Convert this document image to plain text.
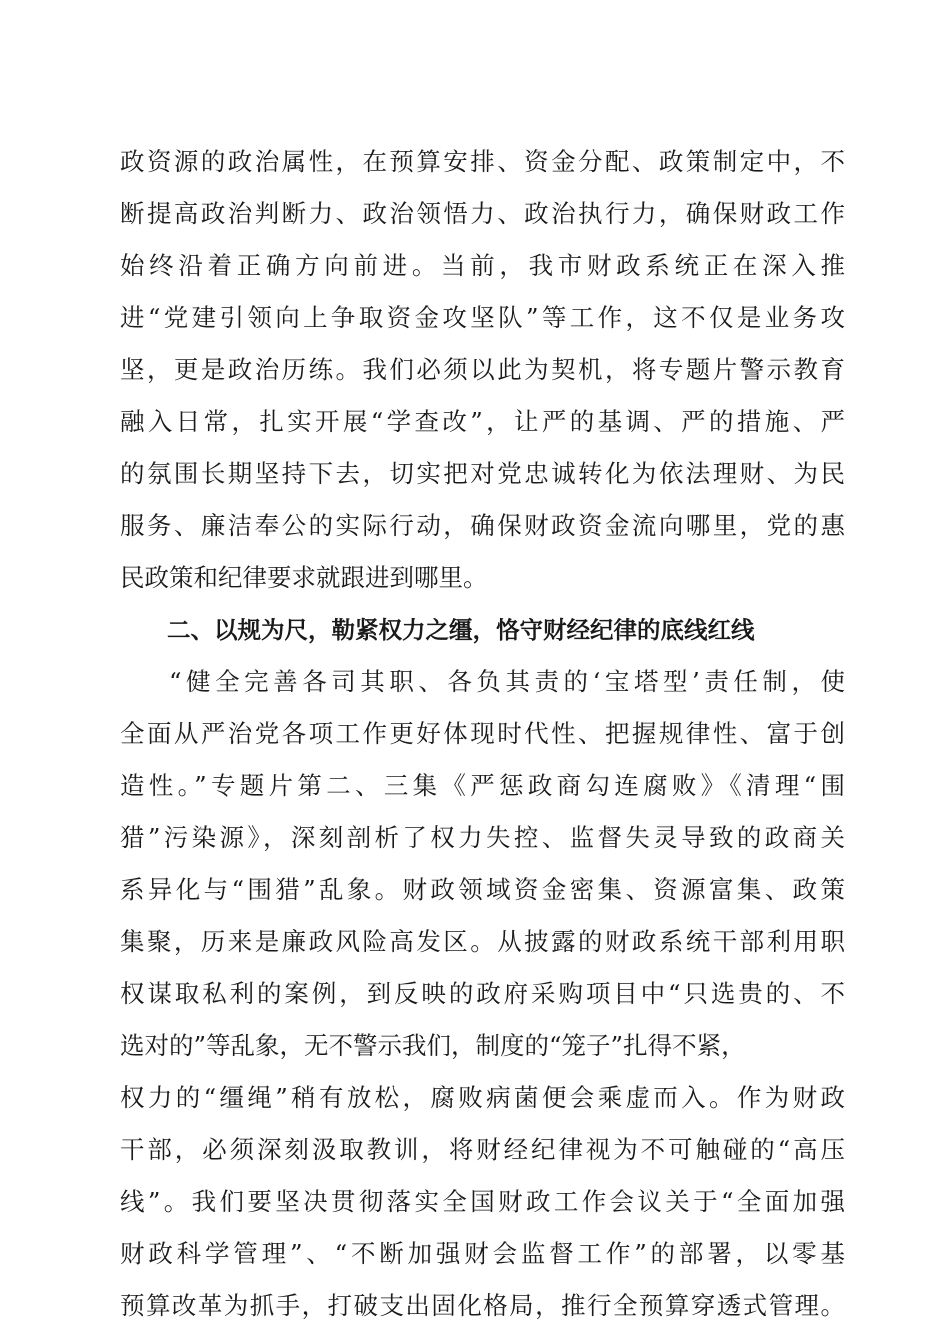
政资源的政治属性，在预算安排、资金分配、政策制定中，不
断提高政治判断力、政治领悟力、政治执行力，确保财政工作
始终沿着正确方向前进。当前，我市财政系统正在深入推
进“党建引领向上争取资金攻坚队”等工作，这不仅是业务攻
坚，更是政治历练。我们必须以此为契机，将专题片警示教育
融入日常，扎实开展“学查改”，让严的基调、严的措施、严
的氛围长期坚持下去，切实把对党忠诚转化为依法理财、为民
服务、廉洁奉公的实际行动，确保财政资金流向哪里，党的惠
民政策和纪律要求就跟进到哪里。
二、以规为尺，勒紧权力之缰，恪守财经纪律的底线红线
“健全完善各司其职、各负其责的‘宝塔型’责任制，使
全面从严治党各项工作更好体现时代性、把握规律性、富于创
造性。”专题片第二、三集《严惩政商勾连腐败》《清理“围
猎”污染源》，深刻剖析了权力失控、监督失灵导致的政商关
系异化与“围猎”乱象。财政领域资金密集、资源富集、政策
集聚，历来是廉政风险高发区。从披露的财政系统干部利用职
权谋取私利的案例，到反映的政府采购项目中“只选贵的、不
选对的”等乱象，无不警示我们，制度的“笼子”扎得不紧，
权力的“缰绳”稍有放松，腐败病菌便会乘虚而入。作为财政
干部，必须深刻汲取教训，将财经纪律视为不可触碰的“高压
线”。我们要坚决贯彻落实全国财政工作会议关于“全面加强
财政科学管理”、“不断加强财会监督工作”的部署，以零基
预算改革为抓手，打破支出固化格局，推行全预算穿透式管理。
